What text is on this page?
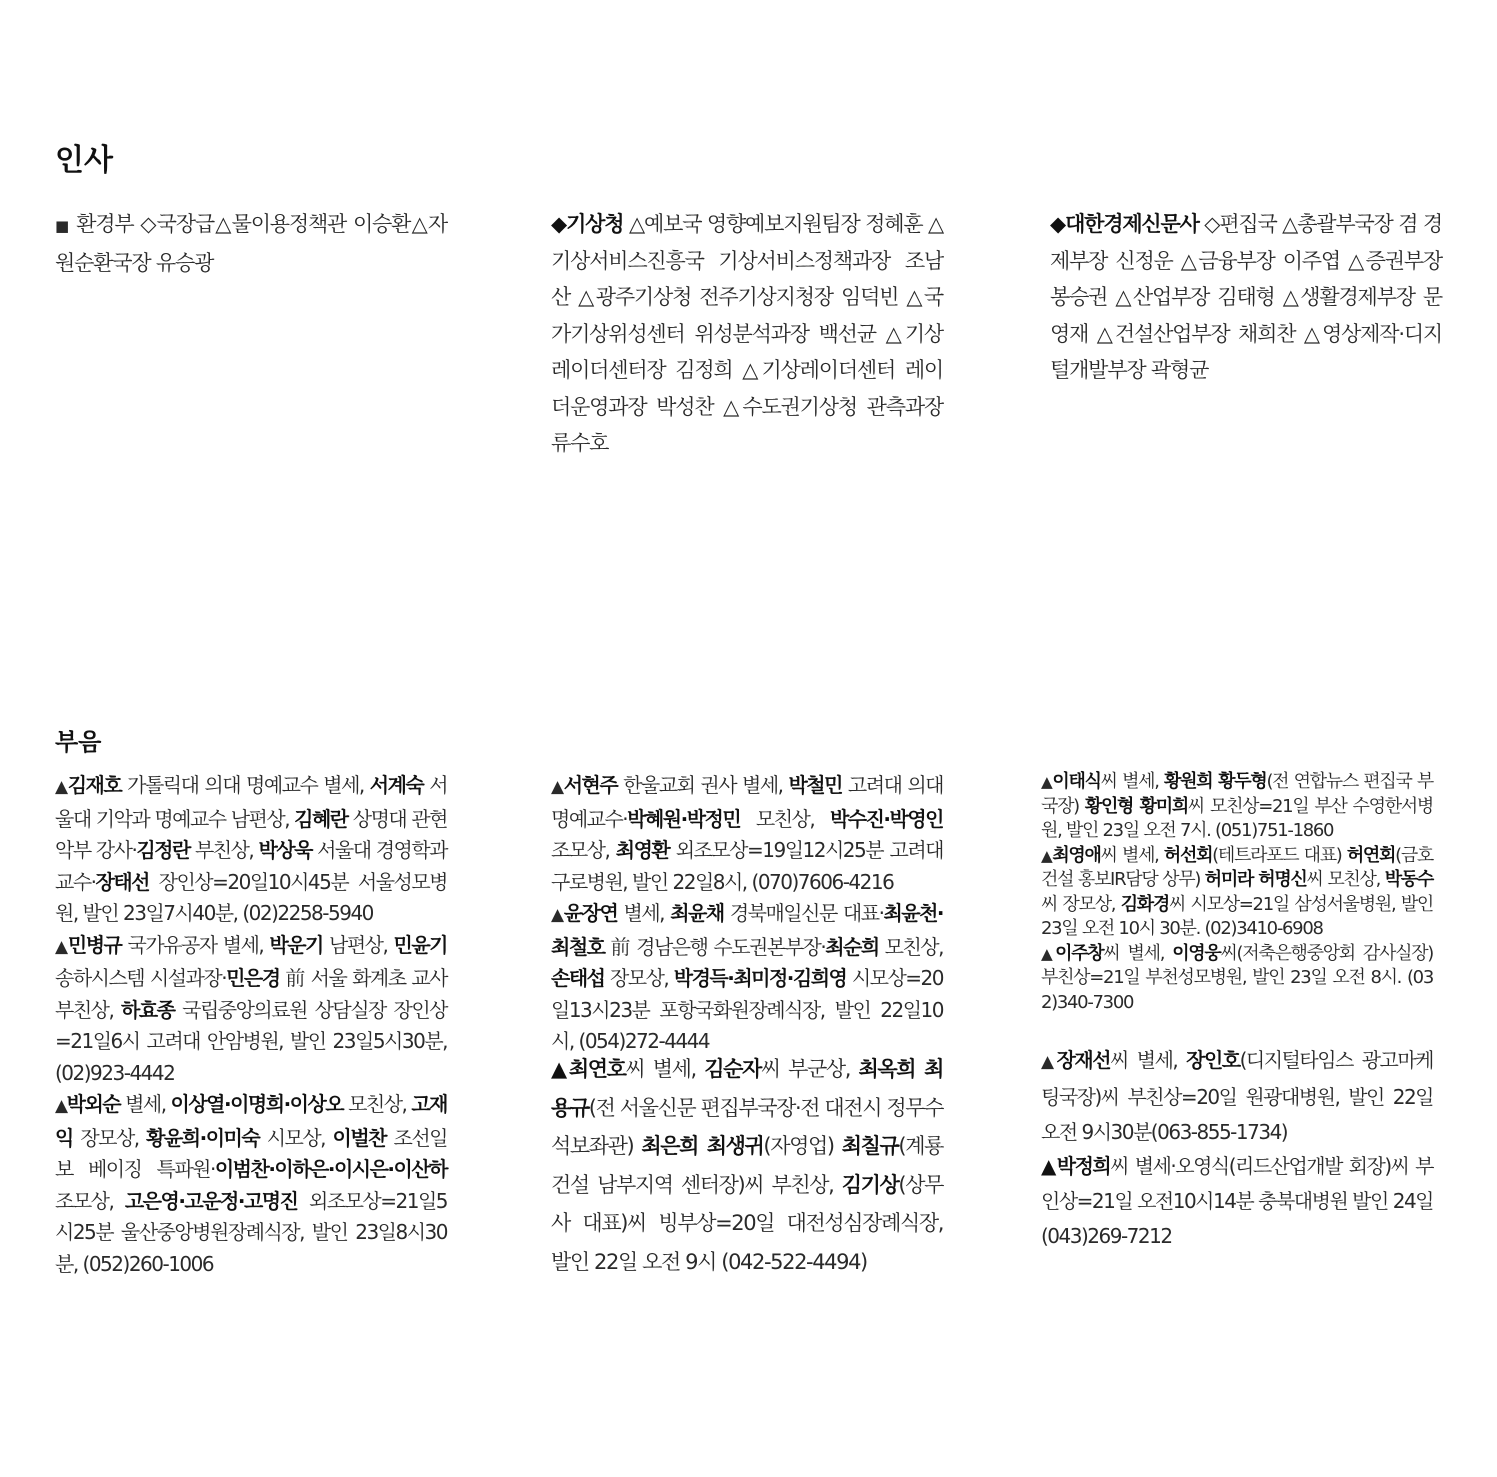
인사
■ 환경부 ◇국장급△물이용정책관 이승환△자원순환국장 유승광
◆기상청 △예보국 영향예보지원팀장 정혜훈 △기상서비스진흥국 기상서비스정책과장 조남산 △광주기상청 전주기상지청장 임덕빈 △국가기상위성센터 위성분석과장 백선균 △기상레이더센터장 김정희 △기상레이더센터 레이더운영과장 박성찬 △수도권기상청 관측과장 류수호
◆대한경제신문사 ◇편집국 △총괄부국장 겸 경제부장 신정운 △금융부장 이주엽 △증권부장 봉승권 △산업부장 김태형 △생활경제부장 문영재 △건설산업부장 채희찬 △영상제작·디지털개발부장 곽형균
부음

▲김재호 가톨릭대 의대 명예교수 별세, 서계숙 서울대 기악과 명예교수 남편상, 김혜란 상명대 관현악부 강사·김정란 부친상, 박상욱 서울대 경영학과 교수·장태선 장인상=20일10시45분 서울성모병원, 발인 23일7시40분, (02)2258-5940

▲민병규 국가유공자 별세, 박운기 남편상, 민윤기 송하시스템 시설과장·민은경 前 서울 화계초 교사 부친상, 하효종 국립중앙의료원 상담실장 장인상=21일6시 고려대 안암병원, 발인 23일5시30분, (02)923-4442

▲박외순 별세, 이상열·이명희·이상오 모친상, 고재익 장모상, 황윤희·이미숙 시모상, 이벌찬 조선일보 베이징 특파원·이범찬·이하은·이시은·이산하 조모상, 고은영·고운정·고명진 외조모상=21일5시25분 울산중앙병원장례식장, 발인 23일8시30분, (052)260-1006

▲서현주 한울교회 권사 별세, 박철민 고려대 의대 명예교수·박혜원·박정민 모친상, 박수진·박영인 조모상, 최영환 외조모상=19일12시25분 고려대 구로병원, 발인 22일8시, (070)7606-4216

▲윤장연 별세, 최윤채 경북매일신문 대표·최윤천·최철호 前 경남은행 수도권본부장·최순희 모친상, 손태섭 장모상, 박경득·최미정·김희영 시모상=20일13시23분 포항국화원장례식장, 발인 22일10시, (054)272-4444

▲최연호씨 별세, 김순자씨 부군상, 최옥희 최용규(전 서울신문 편집부국장·전 대전시 정무수석보좌관) 최은희 최생귀(자영업) 최칠규(계룡건설 남부지역 센터장)씨 부친상, 김기상(상무사 대표)씨 빙부상=20일 대전성심장례식장, 발인 22일 오전 9시 (042-522-4494)

▲이태식씨 별세, 황원희 황두형(전 연합뉴스 편집국 부국장) 황인형 황미희씨 모친상=21일 부산 수영한서병원, 발인 23일 오전 7시. (051)751-1860

▲최영애씨 별세, 허선회(테트라포드 대표) 허연회(금호건설 홍보IR담당 상무) 허미라 허명신씨 모친상, 박동수씨 장모상, 김화경씨 시모상=21일 삼성서울병원, 발인 23일 오전 10시 30분. (02)3410-6908

▲이주창씨 별세, 이영웅씨(저축은행중앙회 감사실장) 부친상=21일 부천성모병원, 발인 23일 오전 8시. (032)340-7300

▲장재선씨 별세, 장인호(디지털타임스 광고마케팅국장)씨 부친상=20일 원광대병원, 발인 22일 오전 9시30분(063-855-1734)

▲박정희씨 별세·오영식(리드산업개발 회장)씨 부인상=21일 오전10시14분 충북대병원 발인 24일(043)269-7212
